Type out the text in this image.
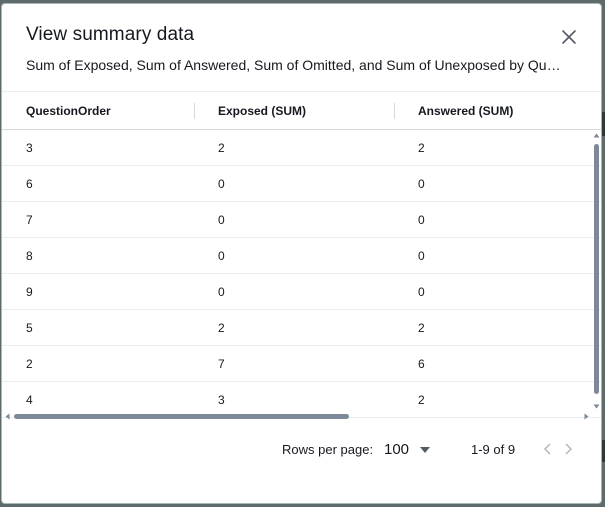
View summary data
Sum of Exposed, Sum of Answered, Sum of Omitted, and Sum of Unexposed by Qu…
QuestionOrder	Exposed (SUM)	Answered (SUM)
3	2	2
6	0	0
7	0	0
8	0	0
9	0	0
5	2	2
2	7	6
4	3	2
Rows per page: 100	1-9 of 9
